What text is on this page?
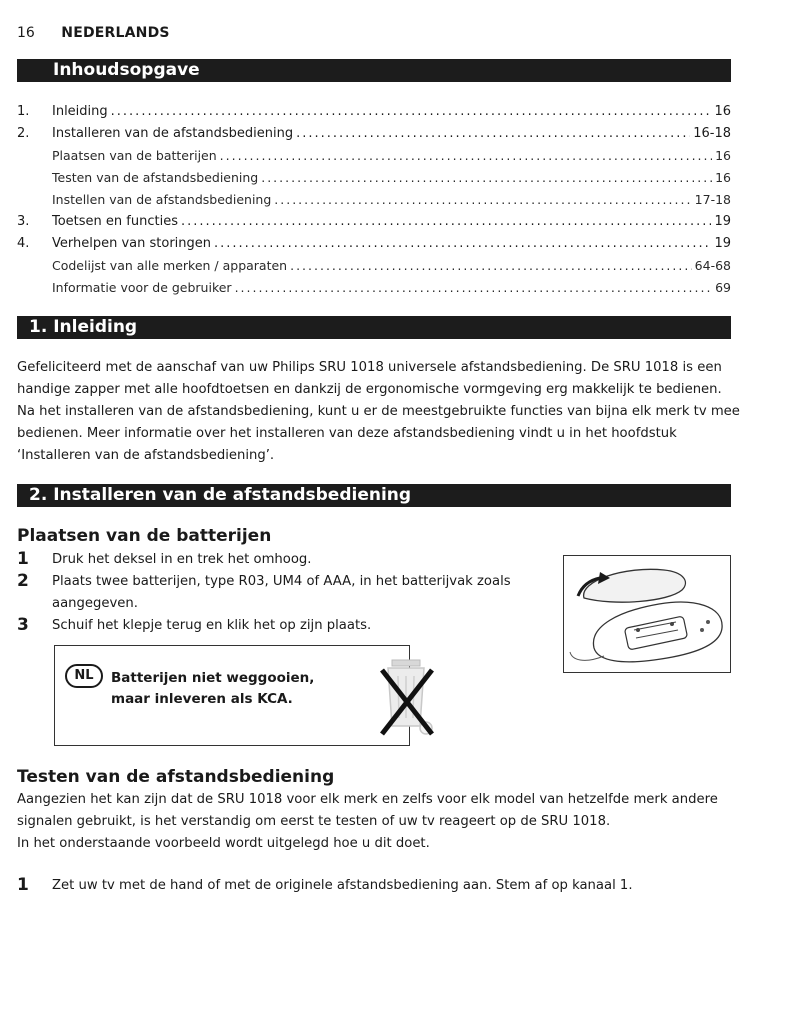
16 NEDERLANDS
Inhoudsopgave
1.	Inleiding .....	16
2.	Installeren van de afstandsbediening .....	16-18
Plaatsen van de batterijen .....	16
Testen van de afstandsbediening .....	16
Instellen van de afstandsbediening .....	17-18
3.	Toetsen en functies .....	19
4.	Verhelpen van storingen .....	19
Codelijst van alle merken / apparaten .....	64-68
Informatie voor de gebruiker .....	69
1. Inleiding

Gefeliciteerd met de aanschaf van uw Philips SRU 1018 universele afstandsbediening. De SRU 1018 is een
handige zapper met alle hoofdtoetsen en dankzij de ergonomische vormgeving erg makkelijk te bedienen.
Na het installeren van de afstandsbediening, kunt u er de meestgebruikte functies van bijna elk merk tv mee
bedienen. Meer informatie over het installeren van deze afstandsbediening vindt u in het hoofdstuk
‘Installeren van de afstandsbediening’.

2. Installeren van de afstandsbediening
Plaatsen van de batterijen
1 Druk het deksel in en trek het omhoog.
2 Plaats twee batterijen, type R03, UM4 of AAA, in het batterijvak zoals
aangegeven.
3 Schuif het klepje terug en klik het op zijn plaats.
NL	Batterijen niet weggooien,
maar inleveren als KCA.
Testen van de afstandsbediening

Aangezien het kan zijn dat de SRU 1018 voor elk merk en zelfs voor elk model van hetzelfde merk andere
signalen gebruikt, is het verstandig om eerst te testen of uw tv reageert op de SRU 1018.
In het onderstaande voorbeeld wordt uitgelegd hoe u dit doet.

1 Zet uw tv met de hand of met de originele afstandsbediening aan. Stem af op kanaal 1.
